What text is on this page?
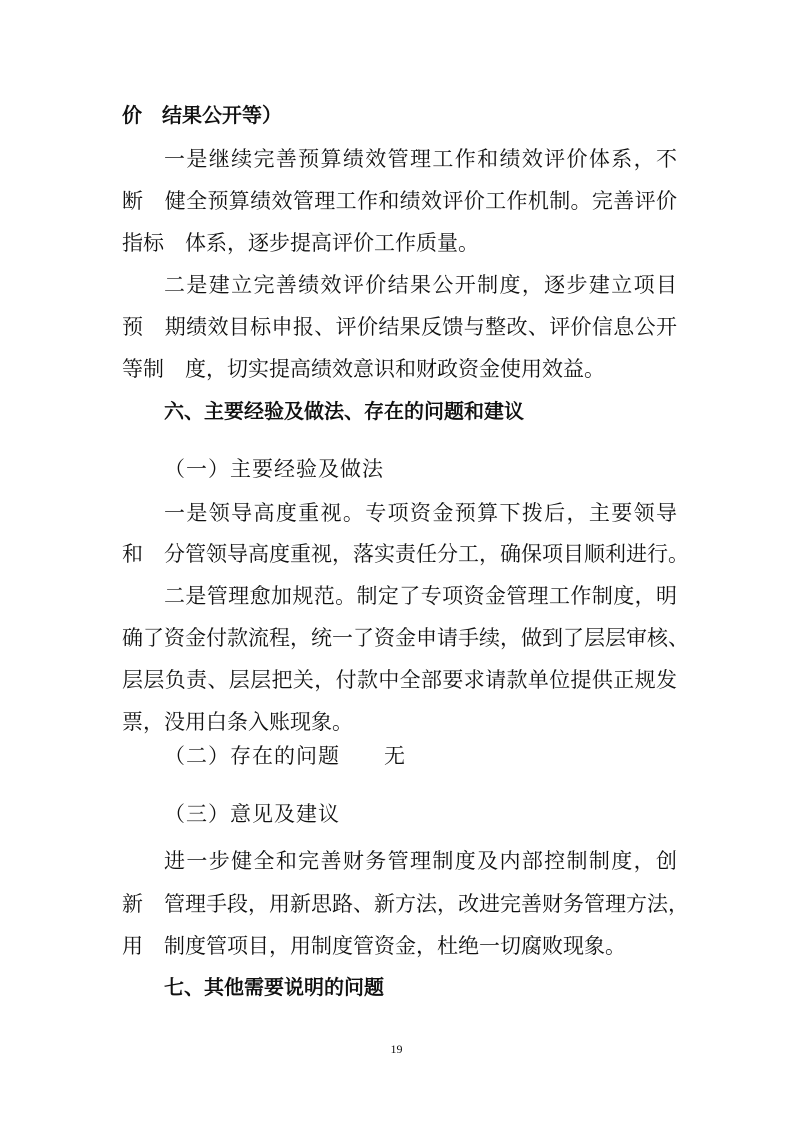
价　结果公开等）
一是继续完善预算绩效管理工作和绩效评价体系，不
断　健全预算绩效管理工作和绩效评价工作机制。完善评价
指标　体系，逐步提高评价工作质量。
二是建立完善绩效评价结果公开制度，逐步建立项目
预　期绩效目标申报、评价结果反馈与整改、评价信息公开
等制　度，切实提高绩效意识和财政资金使用效益。
六、主要经验及做法、存在的问题和建议
（一）主要经验及做法
一是领导高度重视。专项资金预算下拨后，主要领导
和　分管领导高度重视，落实责任分工，确保项目顺利进行。
二是管理愈加规范。制定了专项资金管理工作制度，明
确了资金付款流程，统一了资金申请手续，做到了层层审核、
层层负责、层层把关，付款中全部要求请款单位提供正规发
票，没用白条入账现象。
（二）存在的问题　　无
（三）意见及建议
进一步健全和完善财务管理制度及内部控制制度，创
新　管理手段，用新思路、新方法，改进完善财务管理方法，
用　制度管项目，用制度管资金，杜绝一切腐败现象。
七、其他需要说明的问题
19
